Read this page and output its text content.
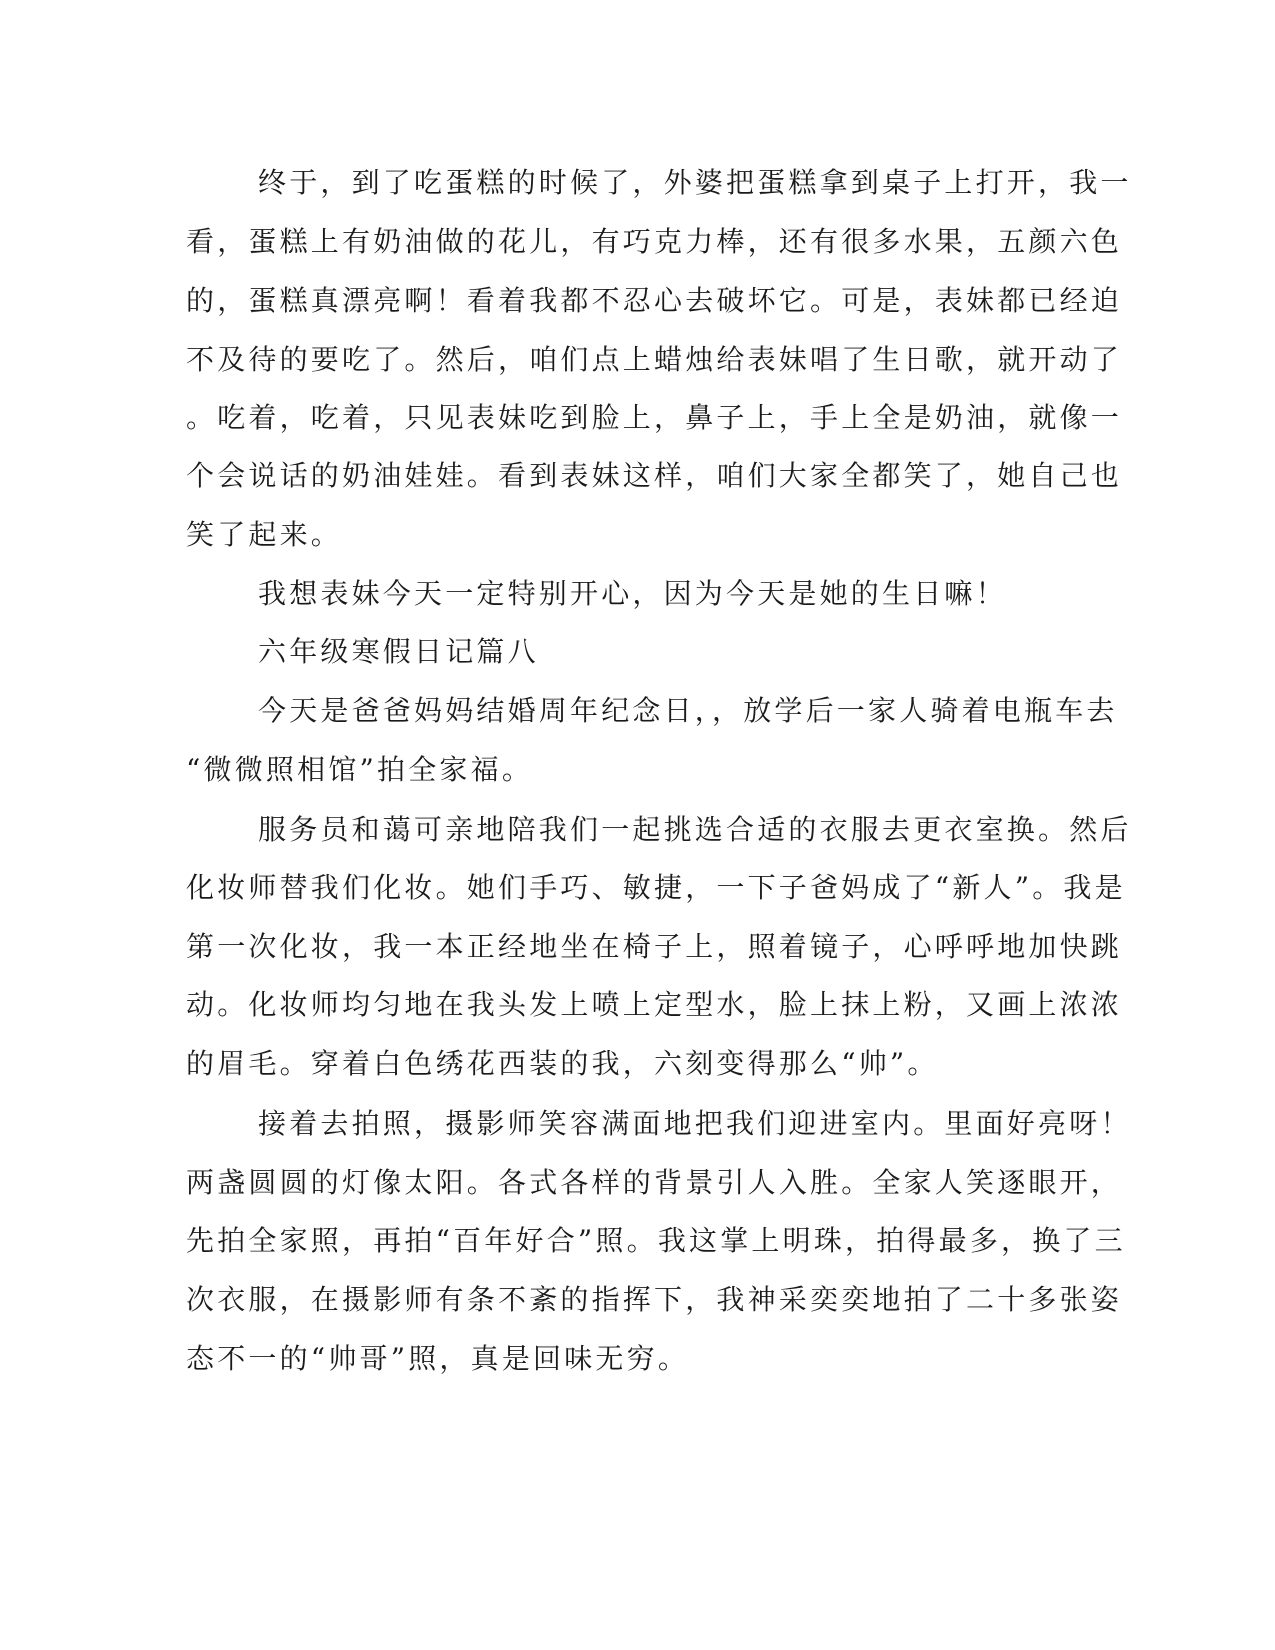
终于，到了吃蛋糕的时候了，外婆把蛋糕拿到桌子上打开，我一
看，蛋糕上有奶油做的花儿，有巧克力棒，还有很多水果，五颜六色
的，蛋糕真漂亮啊！看着我都不忍心去破坏它。可是，表妹都已经迫
不及待的要吃了。然后，咱们点上蜡烛给表妹唱了生日歌，就开动了
。吃着，吃着，只见表妹吃到脸上，鼻子上，手上全是奶油，就像一
个会说话的奶油娃娃。看到表妹这样，咱们大家全都笑了，她自己也
笑了起来。
我想表妹今天一定特别开心，因为今天是她的生日嘛！
六年级寒假日记篇八
今天是爸爸妈妈结婚周年纪念日，，放学后一家人骑着电瓶车去
“微微照相馆”拍全家福。
服务员和蔼可亲地陪我们一起挑选合适的衣服去更衣室换。然后
化妆师替我们化妆。她们手巧、敏捷，一下子爸妈成了“新人”。我是
第一次化妆，我一本正经地坐在椅子上，照着镜子，心呼呼地加快跳
动。化妆师均匀地在我头发上喷上定型水，脸上抹上粉，又画上浓浓
的眉毛。穿着白色绣花西装的我，六刻变得那么“帅”。
接着去拍照，摄影师笑容满面地把我们迎进室内。里面好亮呀！
两盏圆圆的灯像太阳。各式各样的背景引人入胜。全家人笑逐眼开，
先拍全家照，再拍“百年好合”照。我这掌上明珠，拍得最多，换了三
次衣服，在摄影师有条不紊的指挥下，我神采奕奕地拍了二十多张姿
态不一的“帅哥”照，真是回味无穷。
